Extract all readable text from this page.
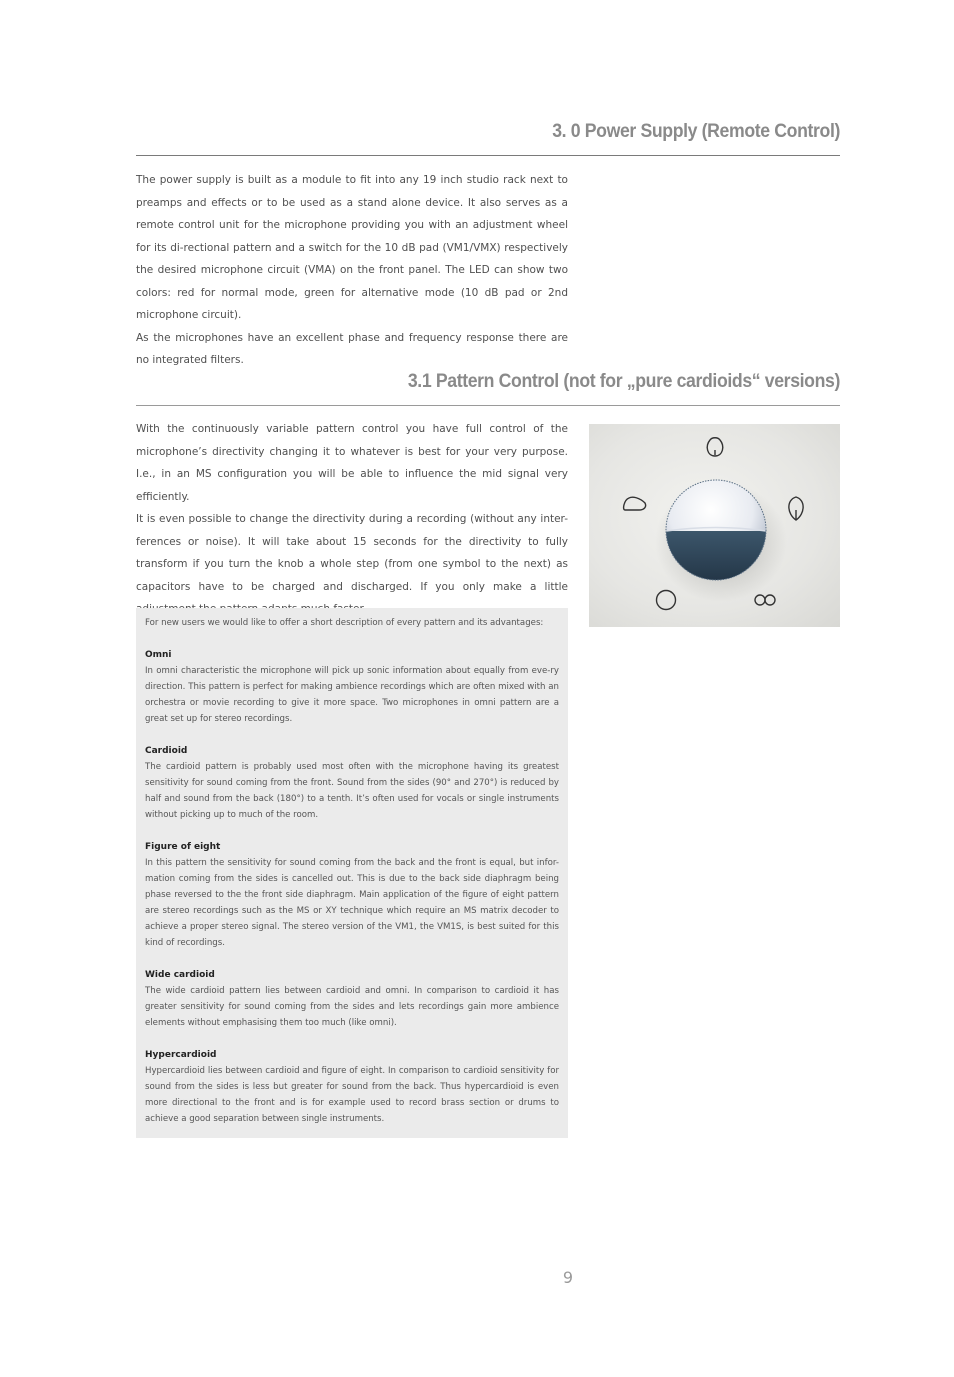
3. 0 Power Supply (Remote Control)

The power supply is built as a module to fit into any 19 inch studio rack next to preamps and effects or to be used as a stand alone device. It also serves as a remote control unit for the microphone providing you with an adjustment wheel for its di-rectional pattern and a switch for the 10 dB pad (VM1/VMX) respectively the desired microphone circuit (VMA) on the front panel. The LED can show two colors: red for normal mode, green for alternative mode (10 dB pad or 2nd microphone circuit).

As the microphones have an excellent phase and frequency response there are no integrated filters.

3.1 Pattern Control (not for „pure cardioids“ versions)

With the continuously variable pattern control you have full control of the microphone’s directivity changing it to whatever is best for your very purpose. I.e., in an MS configuration you will be able to influence the mid signal very efficiently.

It is even possible to change the directivity during a recording (without any inter-ferences or noise). It will take about 15 seconds for the directivity to fully transform if you turn the knob a whole step (from one symbol to the next) as capacitors have to be charged and discharged. If you only make a little

For new users we would like to offer a short description of every pattern and its advantages:

Omni

In omni characteristic the microphone will pick up sonic information about equally from eve-ry direction. This pattern is perfect for making ambience recordings which are often mixed with an orchestra or movie recording to give it more space. Two microphones in omni pattern are a great set up for stereo recordings.

Cardioid

The cardioid pattern is probably used most often with the microphone having its greatest sensitivity for sound coming from the front. Sound from the sides (90° and 270°) is reduced by half and sound from the back (180°) to a tenth. It’s often used for vocals or single instruments without picking up to much of the room.

Figure of eight

In this pattern the sensitivity for sound coming from the back and the front is equal, but infor-mation coming from the sides is cancelled out. This is due to the back side diaphragm being phase reversed to the the front side diaphragm. Main application of the figure of eight pattern are stereo recordings such as the MS or XY technique which require an MS matrix decoder to achieve a proper stereo signal. The stereo version of the VM1, the VM1S, is best suited for this kind of recordings.

Wide cardioid

The wide cardioid pattern lies between cardioid and omni. In comparison to cardioid it has greater sensitivity for sound coming from the sides and lets recordings gain more ambience elements without emphasising them too much (like omni).

Hypercardioid

Hypercardioid lies between cardioid and figure of eight. In comparison to cardioid sensitivity for sound from the sides is less but greater for sound from the back. Thus hypercardioid is even more directional to the front and is for example used to record brass section or drums to achieve a good separation between single instruments.

9
